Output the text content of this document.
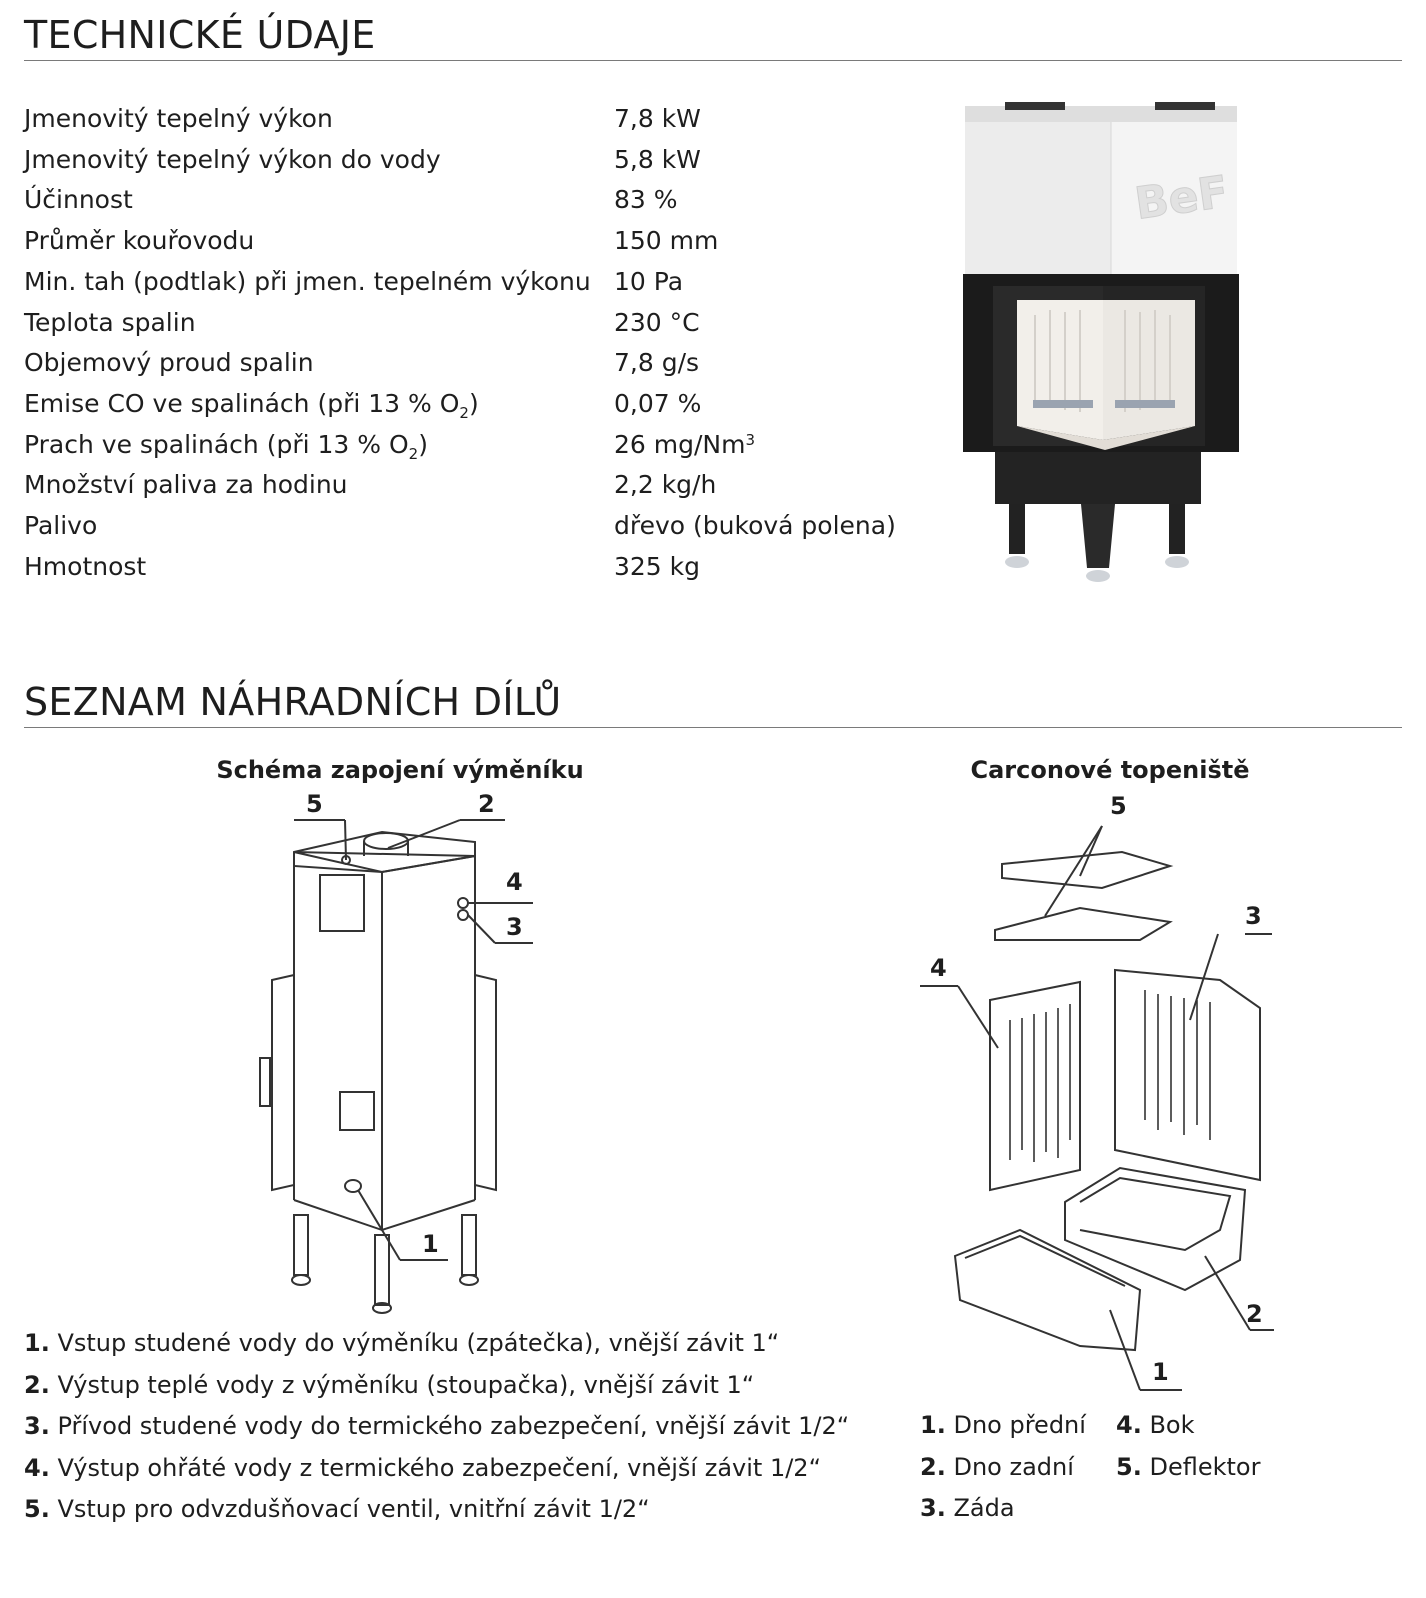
TECHNICKÉ ÚDAJE
Jmenovitý tepelný výkon	7,8 kW
Jmenovitý tepelný výkon do vody	5,8 kW
Účinnost	83 %
Průměr kouřovodu	150 mm
Min. tah (podtlak) při jmen. tepelném výkonu 10 Pa
Teplota spalin	230 °C
Objemový proud spalin	7,8 g/s
Emise CO ve spalinách (při 13 % $O_2$)	0,07 %
Prach ve spalinách (při 13 % $O_2$)	26 mg/Nm$^3$
Množství paliva za hodinu	2,2 kg/h
Palivo	dřevo (buková polena)
Hmotnost	325 kg
BeF
SEZNAM NÁHRADNÍCH DÍLŮ
Schéma zapojení výměníku	Carconové topeniště
5	2
4
3
1
5
4
3
2
1
1. Vstup studené vody do výměníku (zpátečka), vnější závit 1“
2. Výstup teplé vody z výměníku (stoupačka), vnější závit 1“
3. Přívod studené vody do termického zabezpečení, vnější závit 1/2“
4. Výstup ohřáté vody z termického zabezpečení, vnější závit 1/2“
5. Vstup pro odvzdušňovací ventil, vnitřní závit 1/2“
1. Dno přední
2. Dno zadní
3. Záda
4. Bok
5. Deflektor
